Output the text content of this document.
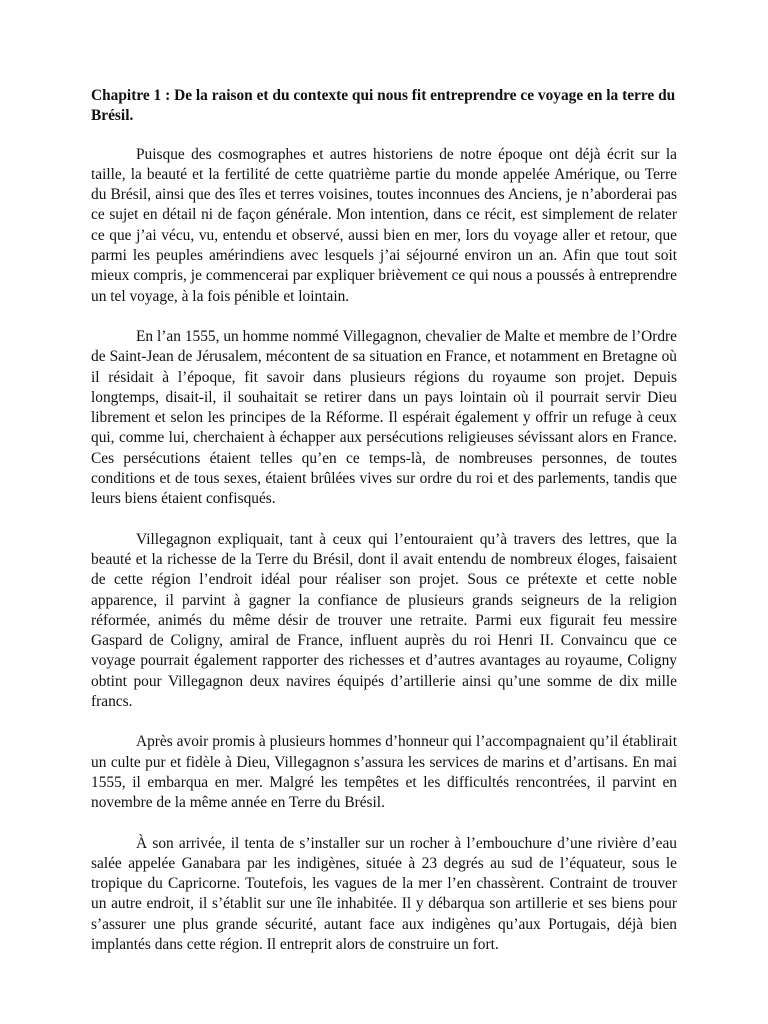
Chapitre 1 : De la raison et du contexte qui nous fit entreprendre ce voyage en la terre du Brésil.

Puisque des cosmographes et autres historiens de notre époque ont déjà écrit sur la taille, la beauté et la fertilité de cette quatrième partie du monde appelée Amérique, ou Terre du Brésil, ainsi que des îles et terres voisines, toutes inconnues des Anciens, je n’aborderai pas ce sujet en détail ni de façon générale. Mon intention, dans ce récit, est simplement de relater ce que j’ai vécu, vu, entendu et observé, aussi bien en mer, lors du voyage aller et retour, que parmi les peuples amérindiens avec lesquels j’ai séjourné environ un an. Afin que tout soit mieux compris, je commencerai par expliquer brièvement ce qui nous a poussés à entreprendre un tel voyage, à la fois pénible et lointain.

En l’an 1555, un homme nommé Villegagnon, chevalier de Malte et membre de l’Ordre de Saint-Jean de Jérusalem, mécontent de sa situation en France, et notamment en Bretagne où il résidait à l’époque, fit savoir dans plusieurs régions du royaume son projet. Depuis longtemps, disait-il, il souhaitait se retirer dans un pays lointain où il pourrait servir Dieu librement et selon les principes de la Réforme. Il espérait également y offrir un refuge à ceux qui, comme lui, cherchaient à échapper aux persécutions religieuses sévissant alors en France. Ces persécutions étaient telles qu’en ce temps-là, de nombreuses personnes, de toutes conditions et de tous sexes, étaient brûlées vives sur ordre du roi et des parlements, tandis que leurs biens étaient confisqués.

Villegagnon expliquait, tant à ceux qui l’entouraient qu’à travers des lettres, que la beauté et la richesse de la Terre du Brésil, dont il avait entendu de nombreux éloges, faisaient de cette région l’endroit idéal pour réaliser son projet. Sous ce prétexte et cette noble apparence, il parvint à gagner la confiance de plusieurs grands seigneurs de la religion réformée, animés du même désir de trouver une retraite. Parmi eux figurait feu messire Gaspard de Coligny, amiral de France, influent auprès du roi Henri II. Convaincu que ce voyage pourrait également rapporter des richesses et d’autres avantages au royaume, Coligny obtint pour Villegagnon deux navires équipés d’artillerie ainsi qu’une somme de dix mille francs.

Après avoir promis à plusieurs hommes d’honneur qui l’accompagnaient qu’il établirait un culte pur et fidèle à Dieu, Villegagnon s’assura les services de marins et d’artisans. En mai 1555, il embarqua en mer. Malgré les tempêtes et les difficultés rencontrées, il parvint en novembre de la même année en Terre du Brésil.

À son arrivée, il tenta de s’installer sur un rocher à l’embouchure d’une rivière d’eau salée appelée Ganabara par les indigènes, située à 23 degrés au sud de l’équateur, sous le tropique du Capricorne. Toutefois, les vagues de la mer l’en chassèrent. Contraint de trouver un autre endroit, il s’établit sur une île inhabitée. Il y débarqua son artillerie et ses biens pour s’assurer une plus grande sécurité, autant face aux indigènes qu’aux Portugais, déjà bien implantés dans cette région. Il entreprit alors de construire un fort.
